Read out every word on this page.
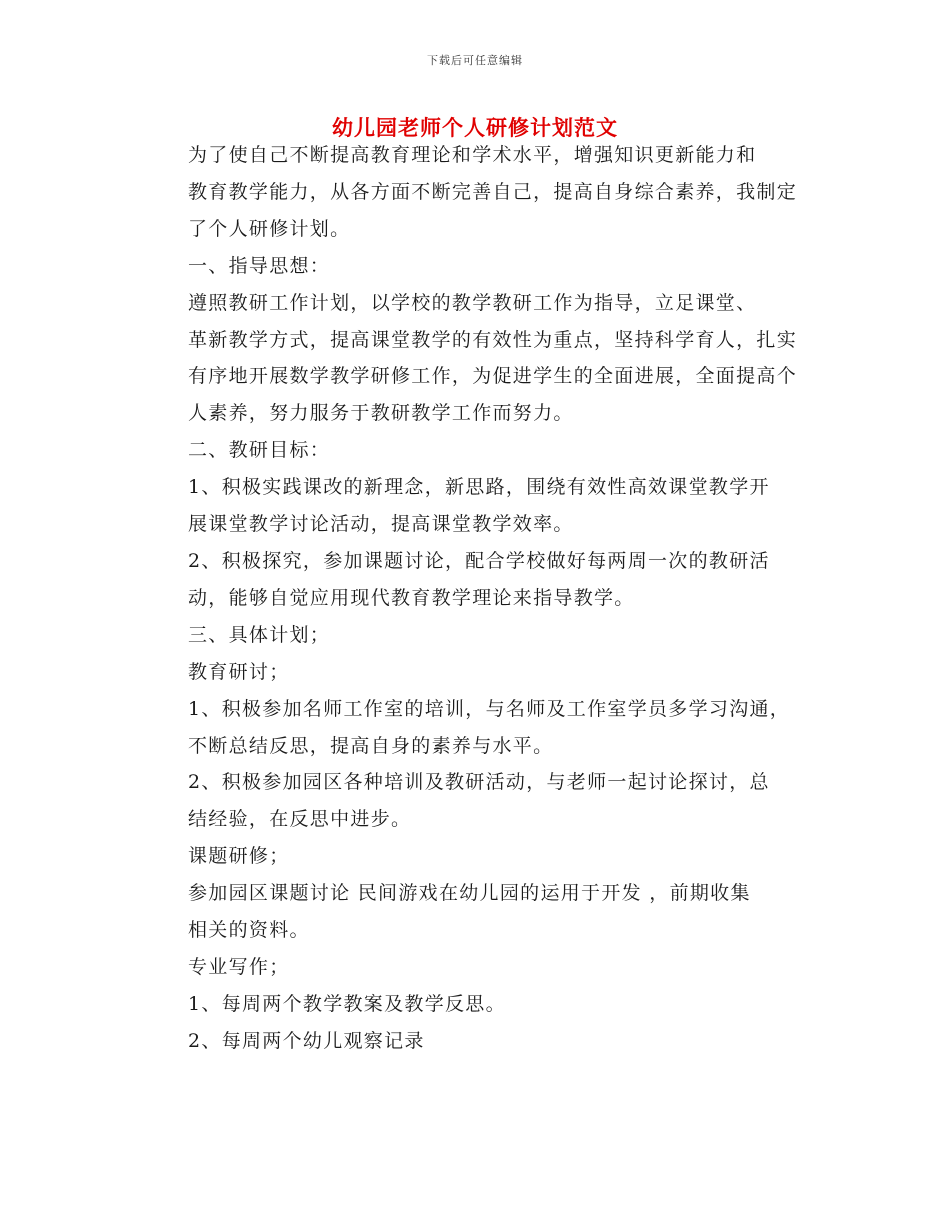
下载后可任意编辑
幼儿园老师个人研修计划范文

为了使自己不断提高教育理论和学术水平，增强知识更新能力和
教育教学能力，从各方面不断完善自己，提高自身综合素养，我制定
了个人研修计划。

一、指导思想：

遵照教研工作计划，以学校的教学教研工作为指导，立足课堂、
革新教学方式，提高课堂教学的有效性为重点，坚持科学育人，扎实
有序地开展数学教学研修工作，为促进学生的全面进展，全面提高个
人素养，努力服务于教研教学工作而努力。

二、教研目标：

1、积极实践课改的新理念，新思路，围绕有效性高效课堂教学开
展课堂教学讨论活动，提高课堂教学效率。

2、积极探究，参加课题讨论，配合学校做好每两周一次的教研活
动，能够自觉应用现代教育教学理论来指导教学。

三、具体计划；

教育研讨；

1、积极参加名师工作室的培训，与名师及工作室学员多学习沟通，
不断总结反思，提高自身的素养与水平。

2、积极参加园区各种培训及教研活动，与老师一起讨论探讨，总
结经验，在反思中进步。

课题研修；

参加园区课题讨论 民间游戏在幼儿园的运用于开发 ，前期收集
相关的资料。

专业写作；

1、每周两个教学教案及教学反思。

2、每周两个幼儿观察记录
